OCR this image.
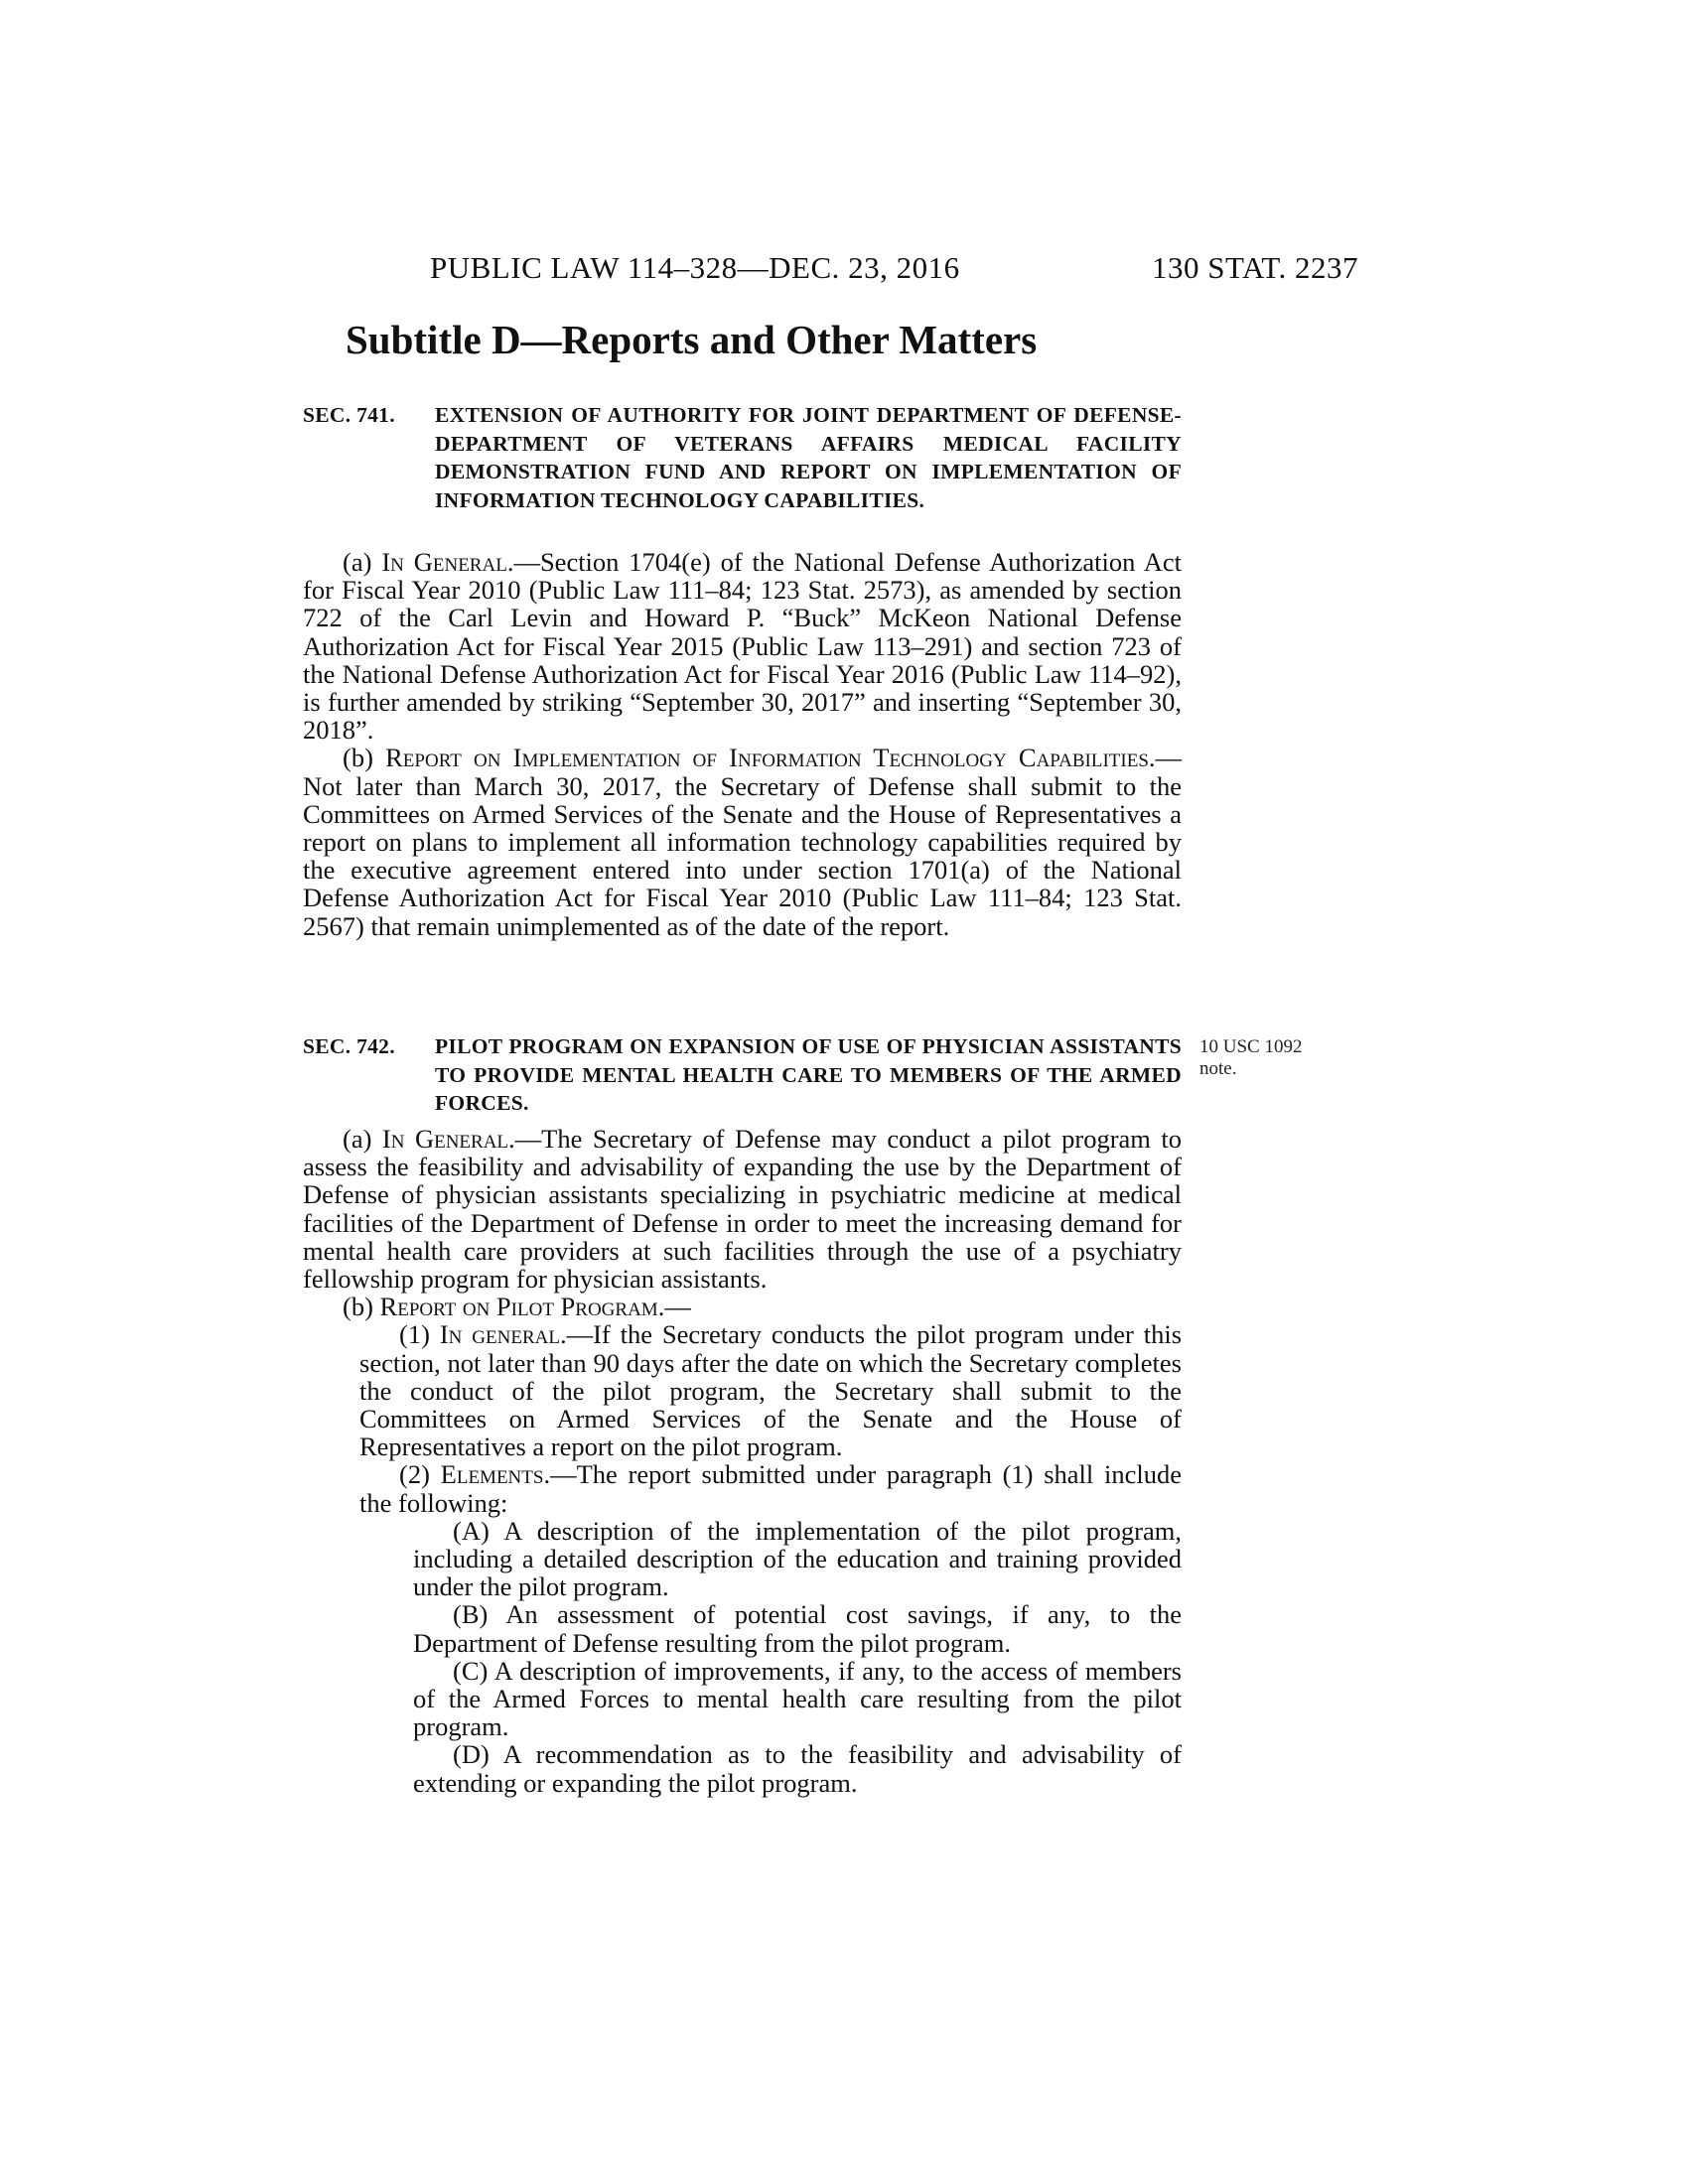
PUBLIC LAW 114–328—DEC. 23, 2016	130 STAT. 2237
Subtitle D—Reports and Other Matters
SEC. 741. EXTENSION OF AUTHORITY FOR JOINT DEPARTMENT OF DEFENSE-DEPARTMENT OF VETERANS AFFAIRS MEDICAL FACILITY DEMONSTRATION FUND AND REPORT ON IMPLEMENTATION OF INFORMATION TECHNOLOGY CAPABILITIES.

(a) In General.—Section 1704(e) of the National Defense Authorization Act for Fiscal Year 2010 (Public Law 111–84; 123 Stat. 2573), as amended by section 722 of the Carl Levin and Howard P. “Buck” McKeon National Defense Authorization Act for Fiscal Year 2015 (Public Law 113–291) and section 723 of the National Defense Authorization Act for Fiscal Year 2016 (Public Law 114–92), is further amended by striking “September 30, 2017” and inserting “September 30, 2018”.

(b) Report on Implementation of Information Technology Capabilities.—Not later than March 30, 2017, the Secretary of Defense shall submit to the Committees on Armed Services of the Senate and the House of Representatives a report on plans to implement all information technology capabilities required by the executive agreement entered into under section 1701(a) of the National Defense Authorization Act for Fiscal Year 2010 (Public Law 111–84; 123 Stat. 2567) that remain unimplemented as of the date of the report.

SEC. 742. PILOT PROGRAM ON EXPANSION OF USE OF PHYSICIAN ASSISTANTS TO PROVIDE MENTAL HEALTH CARE TO MEMBERS OF THE ARMED FORCES.
10 USC 1092
note.

(a) In General.—The Secretary of Defense may conduct a pilot program to assess the feasibility and advisability of expanding the use by the Department of Defense of physician assistants specializing in psychiatric medicine at medical facilities of the Department of Defense in order to meet the increasing demand for mental health care providers at such facilities through the use of a psychiatry fellowship program for physician assistants.

(b) Report on Pilot Program.—

(1) In general.—If the Secretary conducts the pilot program under this section, not later than 90 days after the date on which the Secretary completes the conduct of the pilot program, the Secretary shall submit to the Committees on Armed Services of the Senate and the House of Representatives a report on the pilot program.

(2) Elements.—The report submitted under paragraph (1) shall include the following:

(A) A description of the implementation of the pilot program, including a detailed description of the education and training provided under the pilot program.

(B) An assessment of potential cost savings, if any, to the Department of Defense resulting from the pilot program.

(C) A description of improvements, if any, to the access of members of the Armed Forces to mental health care resulting from the pilot program.

(D) A recommendation as to the feasibility and advisability of extending or expanding the pilot program.
